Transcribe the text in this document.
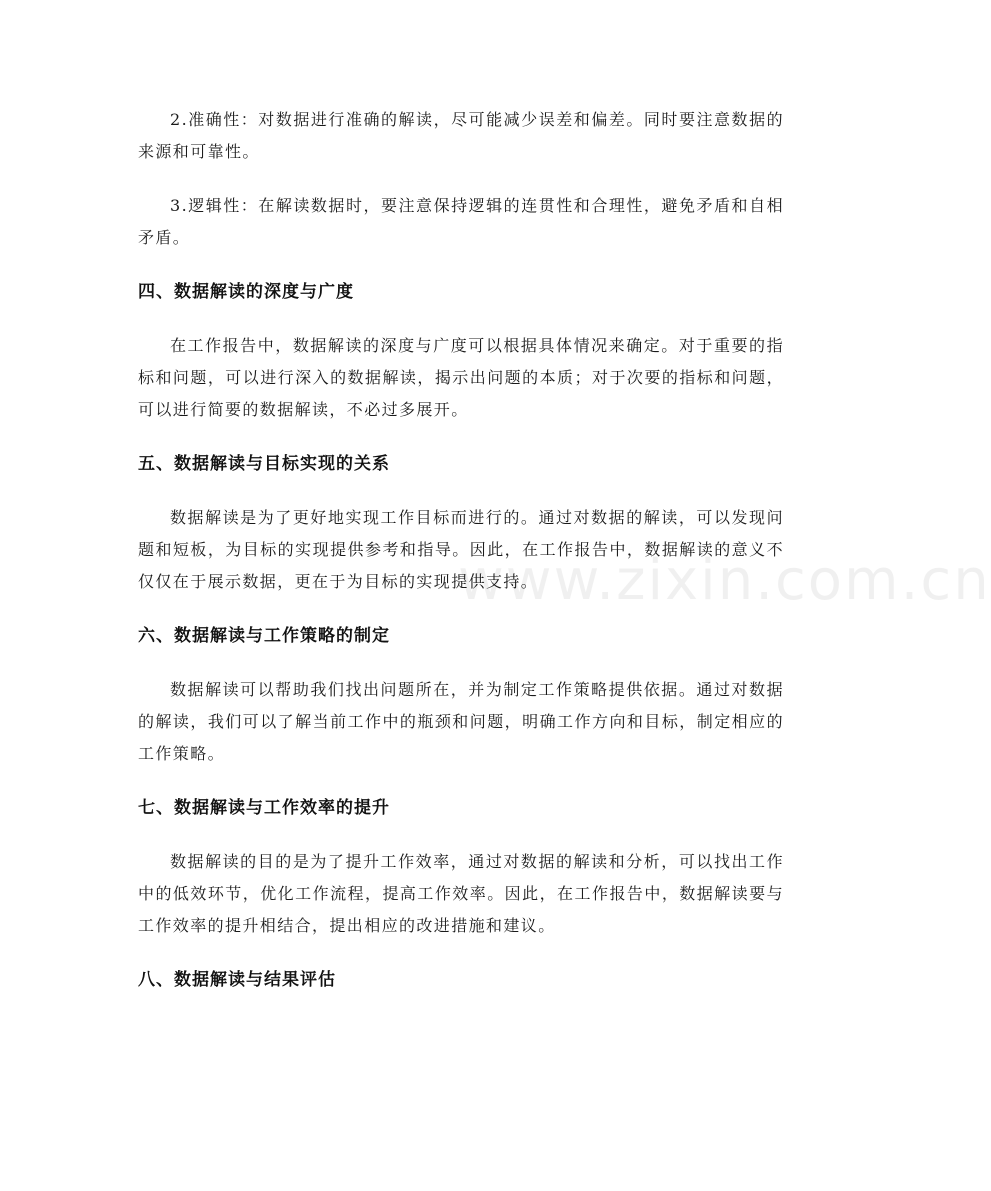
2.准确性：对数据进行准确的解读，尽可能减少误差和偏差。同时要注意数据的来源和可靠性。

3.逻辑性：在解读数据时，要注意保持逻辑的连贯性和合理性，避免矛盾和自相矛盾。

四、数据解读的深度与广度

在工作报告中，数据解读的深度与广度可以根据具体情况来确定。对于重要的指标和问题，可以进行深入的数据解读，揭示出问题的本质；对于次要的指标和问题，可以进行简要的数据解读，不必过多展开。

五、数据解读与目标实现的关系

数据解读是为了更好地实现工作目标而进行的。通过对数据的解读，可以发现问题和短板，为目标的实现提供参考和指导。因此，在工作报告中，数据解读的意义不仅仅在于展示数据，更在于为目标的实现提供支持。

六、数据解读与工作策略的制定

数据解读可以帮助我们找出问题所在，并为制定工作策略提供依据。通过对数据的解读，我们可以了解当前工作中的瓶颈和问题，明确工作方向和目标，制定相应的工作策略。

七、数据解读与工作效率的提升

数据解读的目的是为了提升工作效率，通过对数据的解读和分析，可以找出工作中的低效环节，优化工作流程，提高工作效率。因此，在工作报告中，数据解读要与工作效率的提升相结合，提出相应的改进措施和建议。

八、数据解读与结果评估
www.zixin.com.cn
